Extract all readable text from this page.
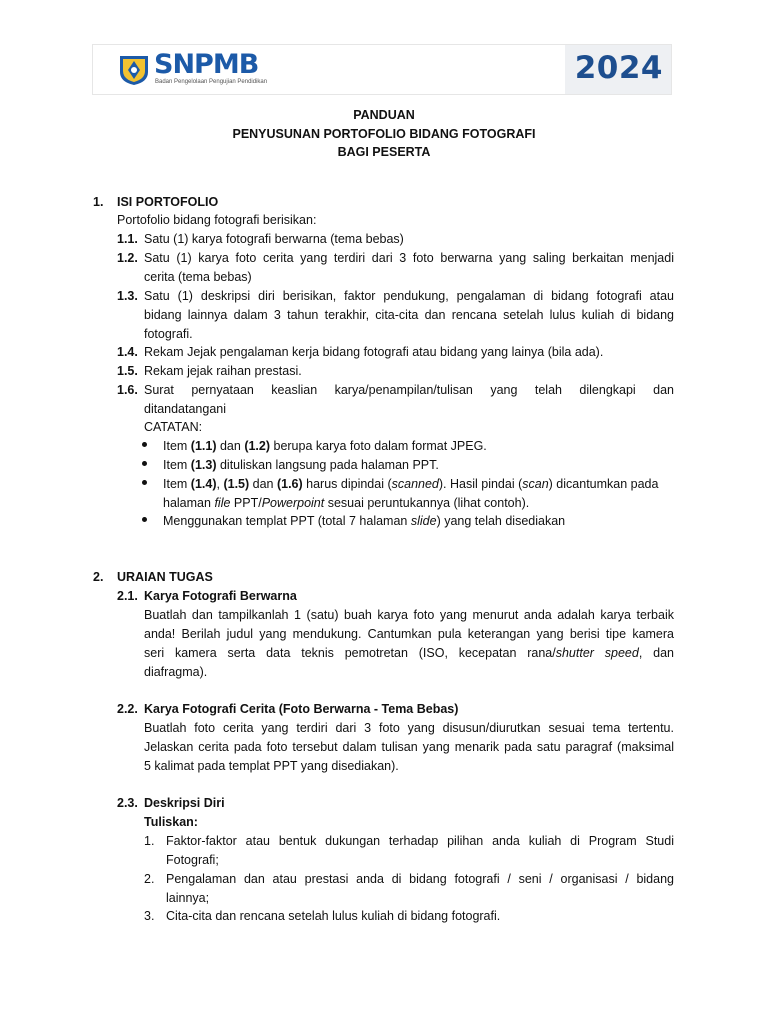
SNPMB
Badan Pengelolaan Pengujian Pendidikan	2024
PANDUAN
PENYUSUNAN PORTOFOLIO BIDANG FOTOGRAFI
BAGI PESERTA
1. ISI PORTOFOLIO
Portofolio bidang fotografi berisikan:
1.1. Satu (1) karya fotografi berwarna (tema bebas)
1.2. Satu (1) karya foto cerita yang terdiri dari 3 foto berwarna yang saling berkaitan menjadi
cerita (tema bebas)
1.3. Satu (1) deskripsi diri berisikan, faktor pendukung, pengalaman di bidang fotografi atau
bidang lainnya dalam 3 tahun terakhir, cita-cita dan rencana setelah lulus kuliah di bidang
fotografi.
1.4. Rekam Jejak pengalaman kerja bidang fotografi atau bidang yang lainya (bila ada).
1.5. Rekam jejak raihan prestasi.
1.6. Surat pernyataan keaslian karya/penampilan/tulisan yang telah dilengkapi dan
ditandatangani
CATATAN:
Item (1.1) dan (1.2) berupa karya foto dalam format JPEG.
Item (1.3) dituliskan langsung pada halaman PPT.
Item (1.4), (1.5) dan (1.6) harus dipindai (scanned). Hasil pindai (scan) dicantumkan pada
halaman file PPT/Powerpoint sesuai peruntukannya (lihat contoh).
Menggunakan templat PPT (total 7 halaman slide) yang telah disediakan
2. URAIAN TUGAS
2.1. Karya Fotografi Berwarna
Buatlah dan tampilkanlah 1 (satu) buah karya foto yang menurut anda adalah karya terbaik
anda! Berilah judul yang mendukung. Cantumkan pula keterangan yang berisi tipe kamera
seri kamera serta data teknis pemotretan (ISO, kecepatan rana/shutter speed, dan
diafragma).
2.2. Karya Fotografi Cerita (Foto Berwarna - Tema Bebas)
Buatlah foto cerita yang terdiri dari 3 foto yang disusun/diurutkan sesuai tema tertentu.
Jelaskan cerita pada foto tersebut dalam tulisan yang menarik pada satu paragraf (maksimal
5 kalimat pada templat PPT yang disediakan).
2.3. Deskripsi Diri
Tuliskan:
1. Faktor-faktor atau bentuk dukungan terhadap pilihan anda kuliah di Program Studi
Fotografi;
2. Pengalaman dan atau prestasi anda di bidang fotografi / seni / organisasi / bidang
lainnya;
3. Cita-cita dan rencana setelah lulus kuliah di bidang fotografi.
